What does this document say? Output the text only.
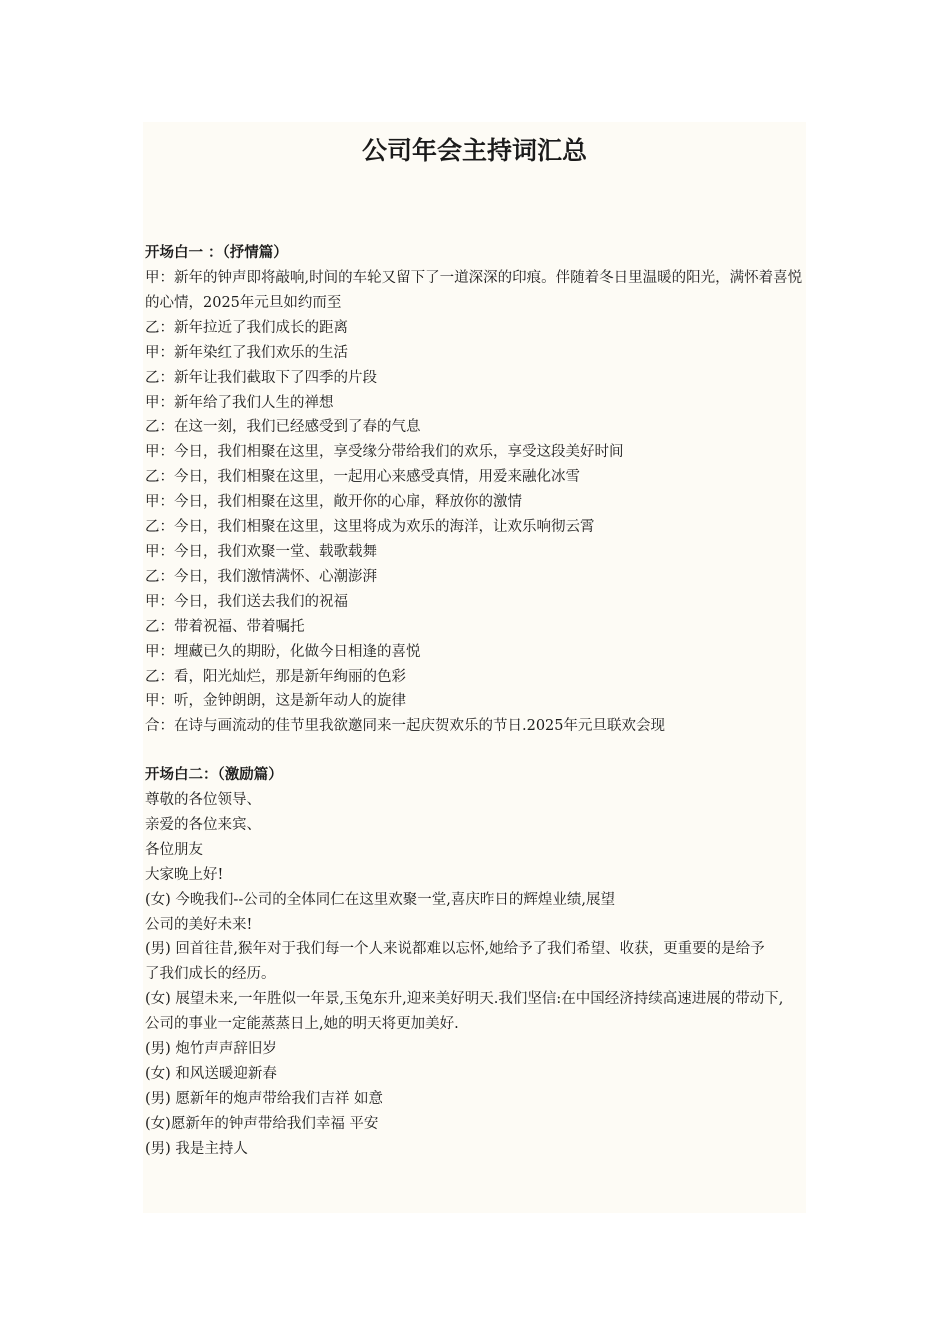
公司年会主持词汇总
开场白一 ：（抒情篇）
甲：新年的钟声即将敲响,时间的车轮又留下了一道深深的印痕。伴随着冬日里温暖的阳光，满怀着喜悦的心情，2025年元旦如约而至
乙：新年拉近了我们成长的距离
甲：新年染红了我们欢乐的生活
乙：新年让我们截取下了四季的片段
甲：新年给了我们人生的禅想
乙：在这一刻，我们已经感受到了春的气息
甲：今日，我们相聚在这里，享受缘分带给我们的欢乐，享受这段美好时间
乙：今日，我们相聚在这里，一起用心来感受真情，用爱来融化冰雪
甲：今日，我们相聚在这里，敞开你的心扉，释放你的激情
乙：今日，我们相聚在这里，这里将成为欢乐的海洋，让欢乐响彻云霄
甲：今日，我们欢聚一堂、载歌载舞
乙：今日，我们激情满怀、心潮澎湃
甲：今日，我们送去我们的祝福
乙：带着祝福、带着嘱托
甲：埋藏已久的期盼，化做今日相逢的喜悦
乙：看，阳光灿烂，那是新年绚丽的色彩
甲：听，金钟朗朗，这是新年动人的旋律
合：在诗与画流动的佳节里我欲邀同来一起庆贺欢乐的节日.2025年元旦联欢会现
开场白二：（激励篇）
尊敬的各位领导、
亲爱的各位来宾、
各位朋友
大家晚上好!
(女) 今晚我们--公司的全体同仁在这里欢聚一堂,喜庆昨日的辉煌业绩,展望
公司的美好未来!
(男) 回首往昔,猴年对于我们每一个人来说都难以忘怀,她给予了我们希望、收获，更重要的是给予
了我们成长的经历。
(女) 展望未来,一年胜似一年景,玉兔东升,迎来美好明天.我们坚信:在中国经济持续高速进展的带动下,
公司的事业一定能蒸蒸日上,她的明天将更加美好.
(男) 炮竹声声辞旧岁
(女) 和风送暖迎新春
(男) 愿新年的炮声带给我们吉祥 如意
(女)愿新年的钟声带给我们幸福 平安
(男) 我是主持人
